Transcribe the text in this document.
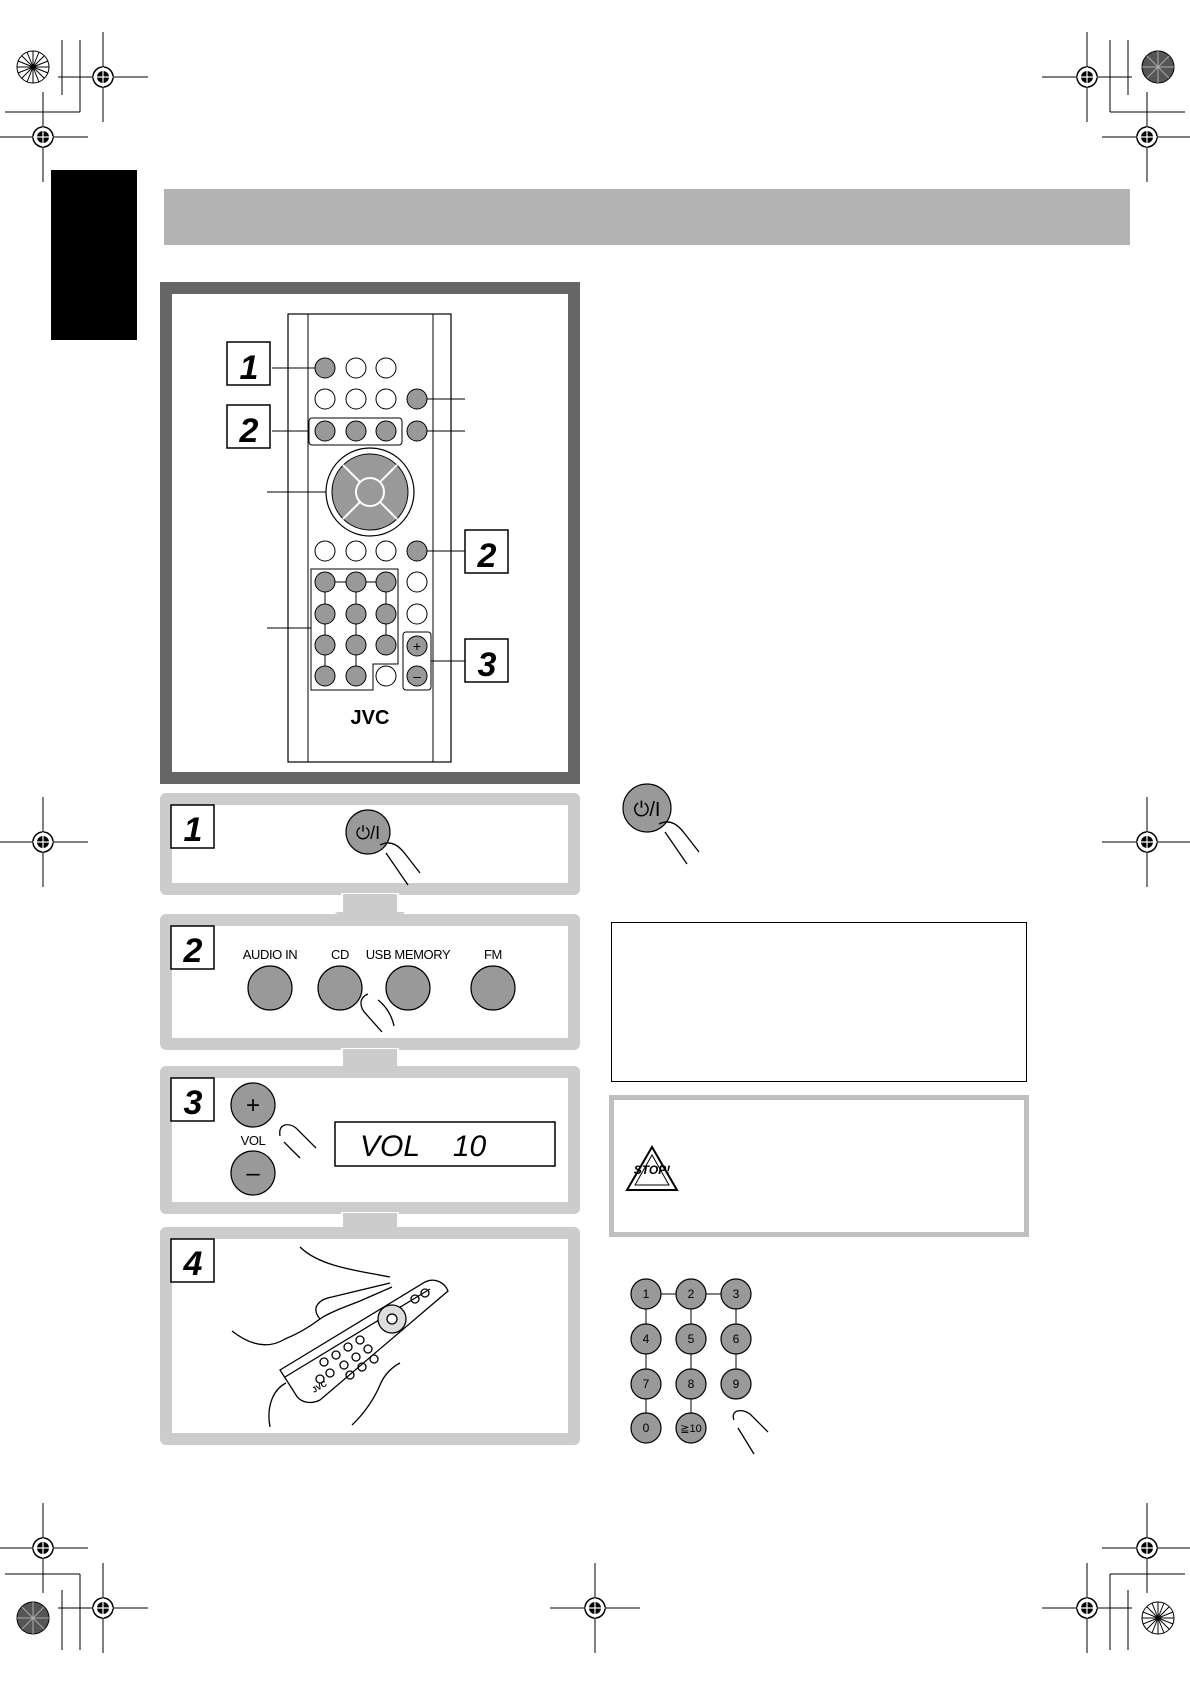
+
–
JVC
1
2
2
3
1	⏻/I
2	AUDIO IN	CD USB MEMORY	FM
3 +
VOL
–
VOL    10
4
JVC
⏻/I
STOP!
1	2	3
4	5	6
7	8	9
0	≧10
